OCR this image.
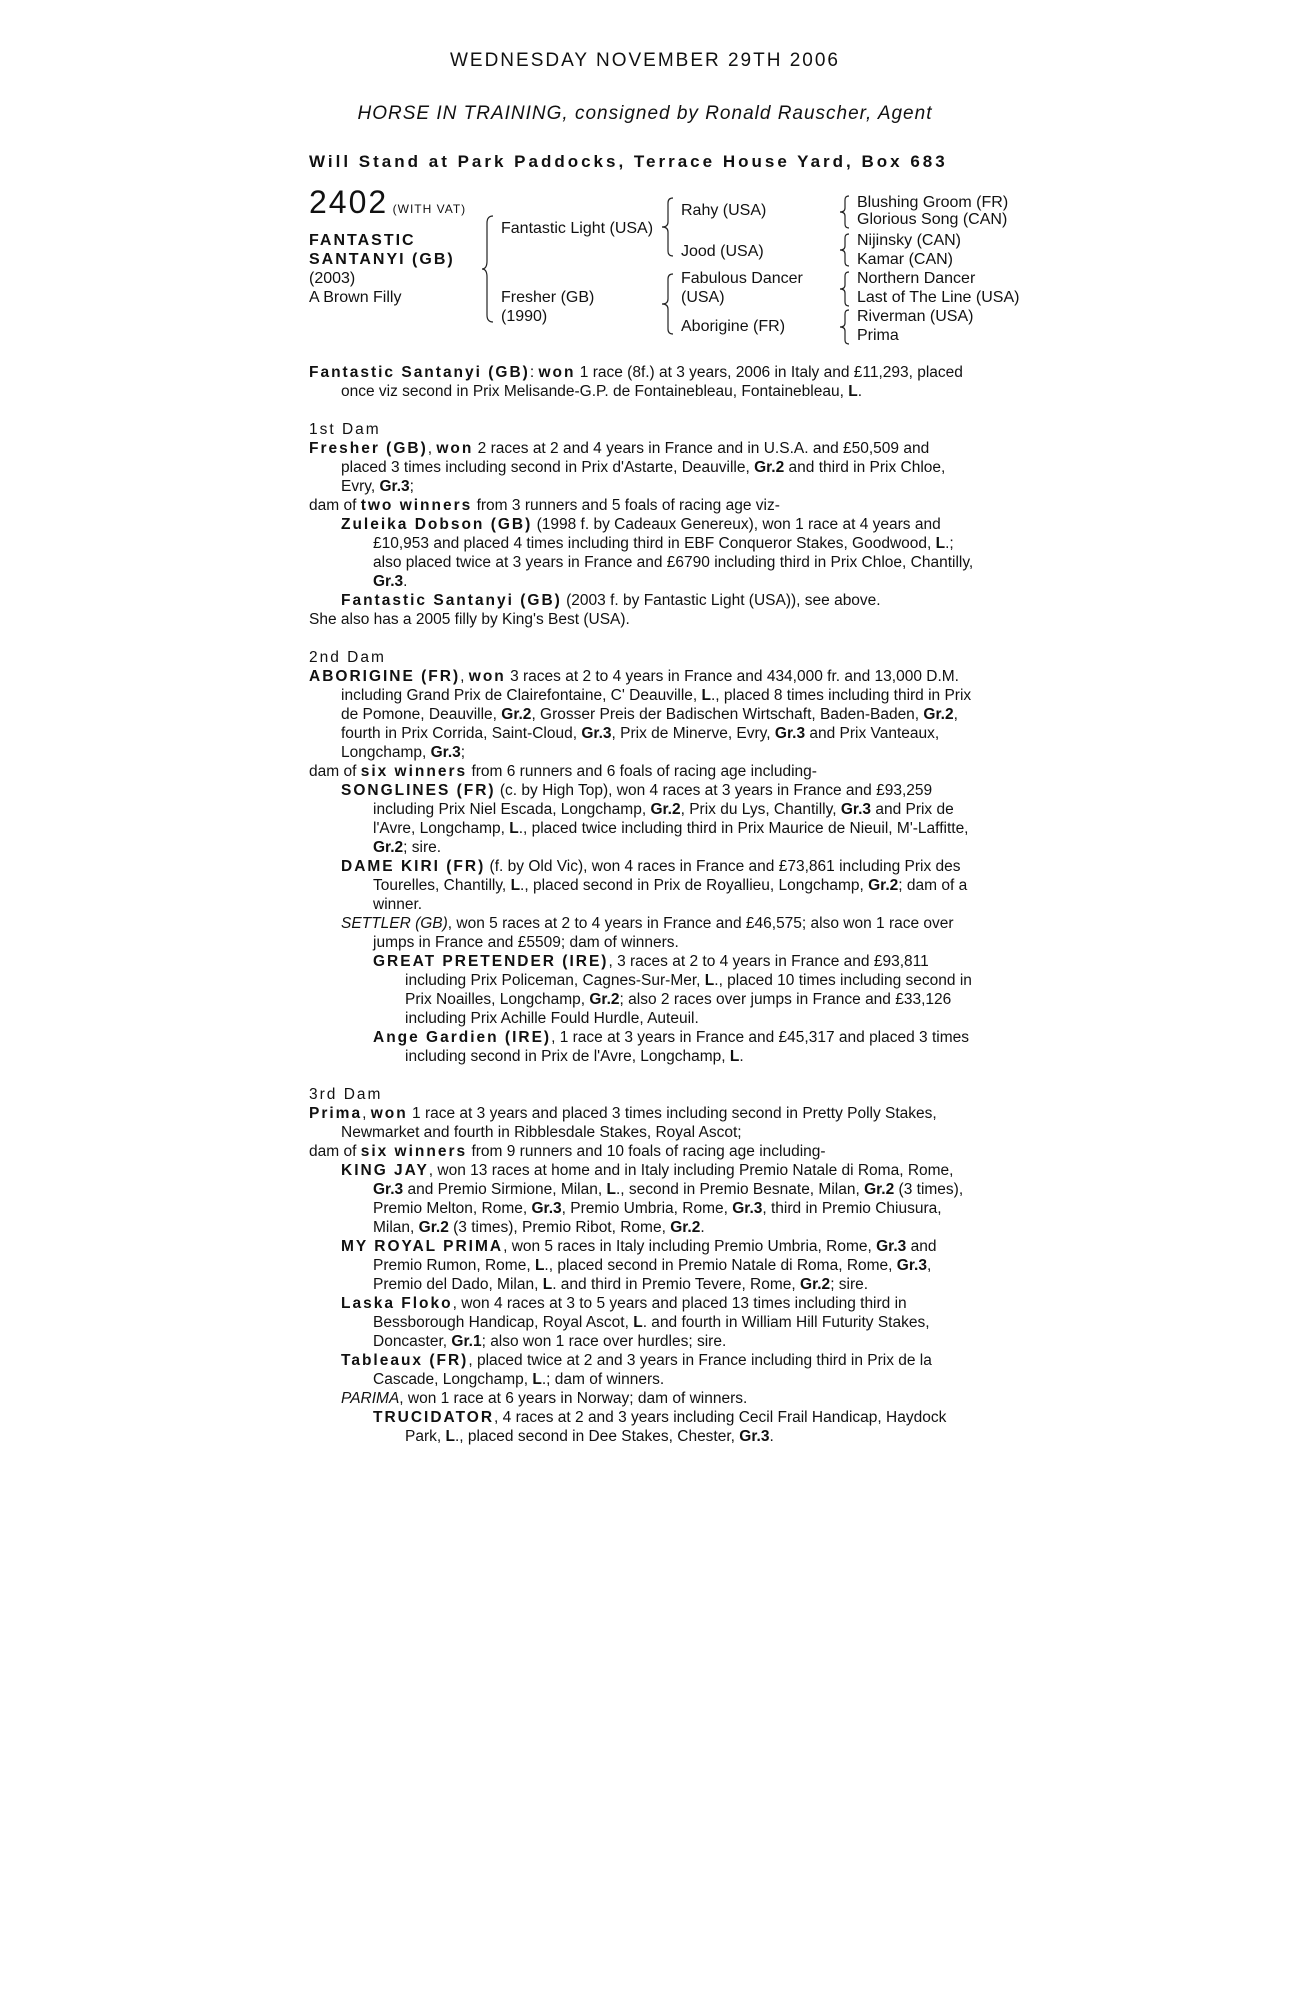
WEDNESDAY NOVEMBER 29TH 2006
HORSE IN TRAINING, consigned by Ronald Rauscher, Agent
Will Stand at Park Paddocks, Terrace House Yard, Box 683
2402 (WITH VAT)
FANTASTIC
SANTANYI (GB)
(2003)
A Brown Filly
Fantastic Light (USA)
Fresher (GB)
(1990)
Rahy (USA)
Jood (USA)
Fabulous Dancer
(USA)
Aborigine (FR)
Blushing Groom (FR)
Glorious Song (CAN)
Nijinsky (CAN)
Kamar (CAN)
Northern Dancer
Last of The Line (USA)
Riverman (USA)
Prima

Fantastic Santanyi (GB): won 1 race (8f.) at 3 years, 2006 in Italy and £11,293, placed once viz second in Prix Melisande-G.P. de Fontainebleau, Fontainebleau, L.

1st Dam

Fresher (GB), won 2 races at 2 and 4 years in France and in U.S.A. and £50,509 and placed 3 times including second in Prix d'Astarte, Deauville, Gr.2 and third in Prix Chloe, Evry, Gr.3;

dam of two winners from 3 runners and 5 foals of racing age viz-

Zuleika Dobson (GB) (1998 f. by Cadeaux Genereux), won 1 race at 4 years and £10,953 and placed 4 times including third in EBF Conqueror Stakes, Goodwood, L.; also placed twice at 3 years in France and £6790 including third in Prix Chloe, Chantilly, Gr.3.

Fantastic Santanyi (GB) (2003 f. by Fantastic Light (USA)), see above.

She also has a 2005 filly by King's Best (USA).

2nd Dam

ABORIGINE (FR), won 3 races at 2 to 4 years in France and 434,000 fr. and 13,000 D.M. including Grand Prix de Clairefontaine, C' Deauville, L., placed 8 times including third in Prix de Pomone, Deauville, Gr.2, Grosser Preis der Badischen Wirtschaft, Baden-Baden, Gr.2, fourth in Prix Corrida, Saint-Cloud, Gr.3, Prix de Minerve, Evry, Gr.3 and Prix Vanteaux, Longchamp, Gr.3;

dam of six winners from 6 runners and 6 foals of racing age including-

SONGLINES (FR) (c. by High Top), won 4 races at 3 years in France and £93,259 including Prix Niel Escada, Longchamp, Gr.2, Prix du Lys, Chantilly, Gr.3 and Prix de l'Avre, Longchamp, L., placed twice including third in Prix Maurice de Nieuil, M'-Laffitte, Gr.2; sire.

DAME KIRI (FR) (f. by Old Vic), won 4 races in France and £73,861 including Prix des Tourelles, Chantilly, L., placed second in Prix de Royallieu, Longchamp, Gr.2; dam of a winner.

SETTLER (GB), won 5 races at 2 to 4 years in France and £46,575; also won 1 race over jumps in France and £5509; dam of winners.

GREAT PRETENDER (IRE), 3 races at 2 to 4 years in France and £93,811 including Prix Policeman, Cagnes-Sur-Mer, L., placed 10 times including second in Prix Noailles, Longchamp, Gr.2; also 2 races over jumps in France and £33,126 including Prix Achille Fould Hurdle, Auteuil.

Ange Gardien (IRE), 1 race at 3 years in France and £45,317 and placed 3 times including second in Prix de l'Avre, Longchamp, L.

3rd Dam

Prima, won 1 race at 3 years and placed 3 times including second in Pretty Polly Stakes, Newmarket and fourth in Ribblesdale Stakes, Royal Ascot;

dam of six winners from 9 runners and 10 foals of racing age including-

KING JAY, won 13 races at home and in Italy including Premio Natale di Roma, Rome, Gr.3 and Premio Sirmione, Milan, L., second in Premio Besnate, Milan, Gr.2 (3 times), Premio Melton, Rome, Gr.3, Premio Umbria, Rome, Gr.3, third in Premio Chiusura, Milan, Gr.2 (3 times), Premio Ribot, Rome, Gr.2.

MY ROYAL PRIMA, won 5 races in Italy including Premio Umbria, Rome, Gr.3 and Premio Rumon, Rome, L., placed second in Premio Natale di Roma, Rome, Gr.3, Premio del Dado, Milan, L. and third in Premio Tevere, Rome, Gr.2; sire.

Laska Floko, won 4 races at 3 to 5 years and placed 13 times including third in Bessborough Handicap, Royal Ascot, L. and fourth in William Hill Futurity Stakes, Doncaster, Gr.1; also won 1 race over hurdles; sire.

Tableaux (FR), placed twice at 2 and 3 years in France including third in Prix de la Cascade, Longchamp, L.; dam of winners.

PARIMA, won 1 race at 6 years in Norway; dam of winners.

TRUCIDATOR, 4 races at 2 and 3 years including Cecil Frail Handicap, Haydock Park, L., placed second in Dee Stakes, Chester, Gr.3.
